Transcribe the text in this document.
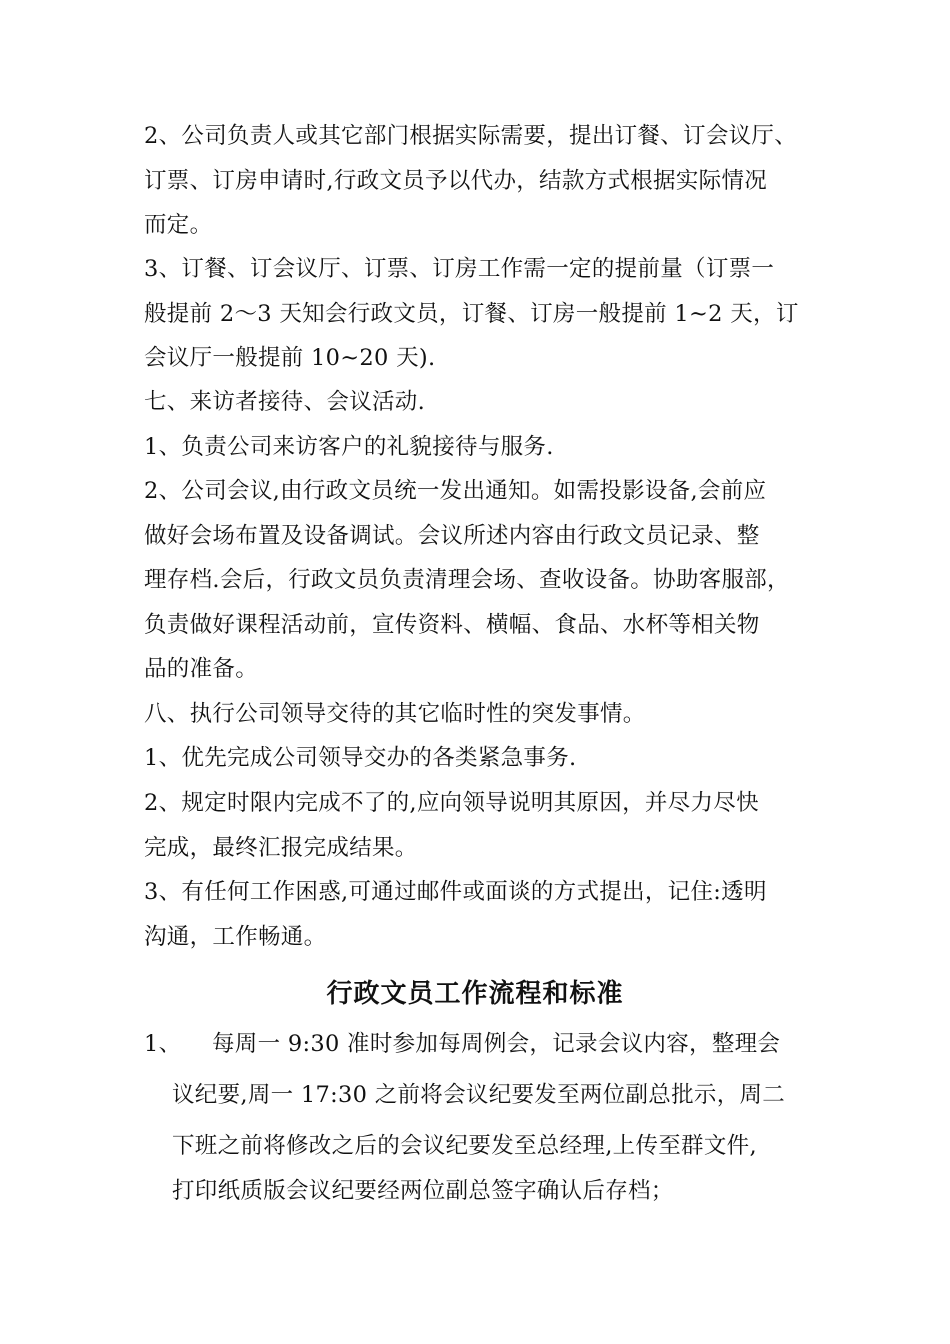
2、公司负责人或其它部门根据实际需要，提出订餐、订会议厅、
订票、订房申请时,行政文员予以代办，结款方式根据实际情况
而定。
3、订餐、订会议厅、订票、订房工作需一定的提前量（订票一
般提前 2～3 天知会行政文员，订餐、订房一般提前 1~2 天，订
会议厅一般提前 10~20 天).
七、来访者接待、会议活动.
1、负责公司来访客户的礼貌接待与服务.
2、公司会议,由行政文员统一发出通知。如需投影设备,会前应
做好会场布置及设备调试。会议所述内容由行政文员记录、整
理存档.会后，行政文员负责清理会场、查收设备。协助客服部，
负责做好课程活动前，宣传资料、横幅、食品、水杯等相关物
品的准备。
八、执行公司领导交待的其它临时性的突发事情。
1、优先完成公司领导交办的各类紧急事务.
2、规定时限内完成不了的,应向领导说明其原因，并尽力尽快
完成，最终汇报完成结果。
3、有任何工作困惑,可通过邮件或面谈的方式提出，记住:透明
沟通，工作畅通。
行政文员工作流程和标准
1、	每周一 9:30 准时参加每周例会，记录会议内容，整理会
议纪要,周一 17:30 之前将会议纪要发至两位副总批示，周二
下班之前将修改之后的会议纪要发至总经理,上传至群文件,
打印纸质版会议纪要经两位副总签字确认后存档；
